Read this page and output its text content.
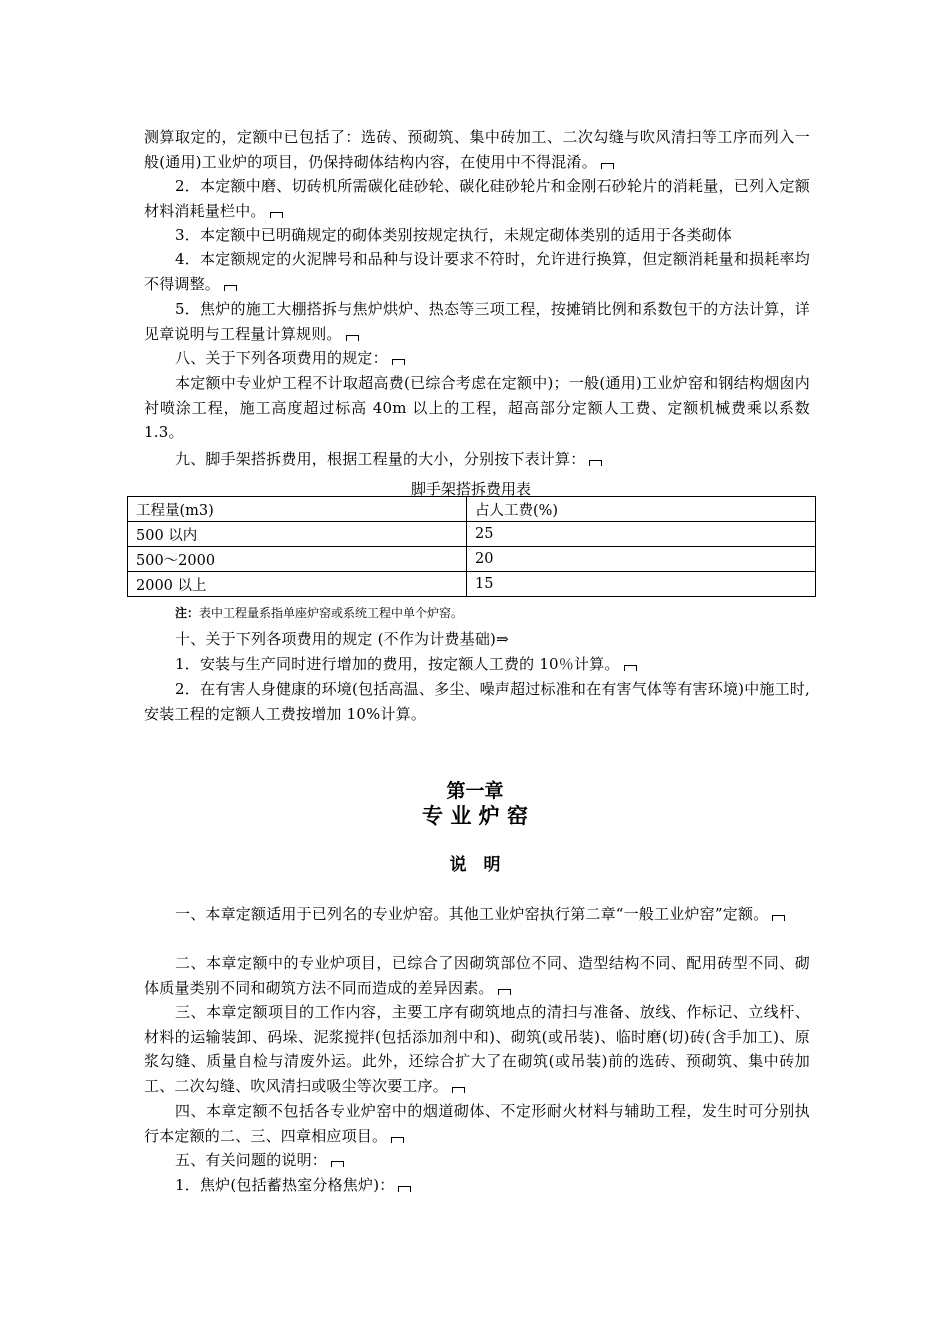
测算取定的，定额中已包括了：选砖、预砌筑、集中砖加工、二次勾缝与吹风清扫等工序而列入一般(通用)工业炉的项目，仍保持砌体结构内容，在使用中不得混淆。

2．本定额中磨、切砖机所需碳化硅砂轮、碳化硅砂轮片和金刚石砂轮片的消耗量，已列入定额材料消耗量栏中。

3．本定额中已明确规定的砌体类别按规定执行，未规定砌体类别的适用于各类砌体

4．本定额规定的火泥牌号和品种与设计要求不符时，允许进行换算，但定额消耗量和损耗率均不得调整。

5．焦炉的施工大棚搭拆与焦炉烘炉、热态等三项工程，按摊销比例和系数包干的方法计算，详见章说明与工程量计算规则。

八、关于下列各项费用的规定：

本定额中专业炉工程不计取超高费(已综合考虑在定额中)；一般(通用)工业炉窑和钢结构烟囱内衬喷涂工程，施工高度超过标高 40m 以上的工程，超高部分定额人工费、定额机械费乘以系数 1.3。

九、脚手架搭拆费用，根据工程量的大小，分别按下表计算：

脚手架搭拆费用表

工程量(m3)	占人工费(%)
500 以内	25
500～2000	20
2000 以上	15

注：表中工程量系指单座炉窑或系统工程中单个炉窑。

十、关于下列各项费用的规定 (不作为计费基础)⇒

1．安装与生产同时进行增加的费用，按定额人工费的 10％计算。

2．在有害人身健康的环境(包括高温、多尘、噪声超过标准和在有害气体等有害环境)中施工时,安装工程的定额人工费按增加 10%计算。

第一章

专 业 炉 窑

说　明

一、本章定额适用于已列名的专业炉窑。其他工业炉窑执行第二章“一般工业炉窑”定额。

二、本章定额中的专业炉项目，已综合了因砌筑部位不同、造型结构不同、配用砖型不同、砌体质量类别不同和砌筑方法不同而造成的差异因素。

三、本章定额项目的工作内容，主要工序有砌筑地点的清扫与准备、放线、作标记、立线杆、材料的运输装卸、码垛、泥浆搅拌(包括添加剂中和)、砌筑(或吊装)、临时磨(切)砖(含手加工)、原浆勾缝、质量自检与清废外运。此外，还综合扩大了在砌筑(或吊装)前的选砖、预砌筑、集中砖加工、二次勾缝、吹风清扫或吸尘等次要工序。

四、本章定额不包括各专业炉窑中的烟道砌体、不定形耐火材料与辅助工程，发生时可分别执行本定额的二、三、四章相应项目。

五、有关问题的说明：

1．焦炉(包括蓄热室分格焦炉)：
